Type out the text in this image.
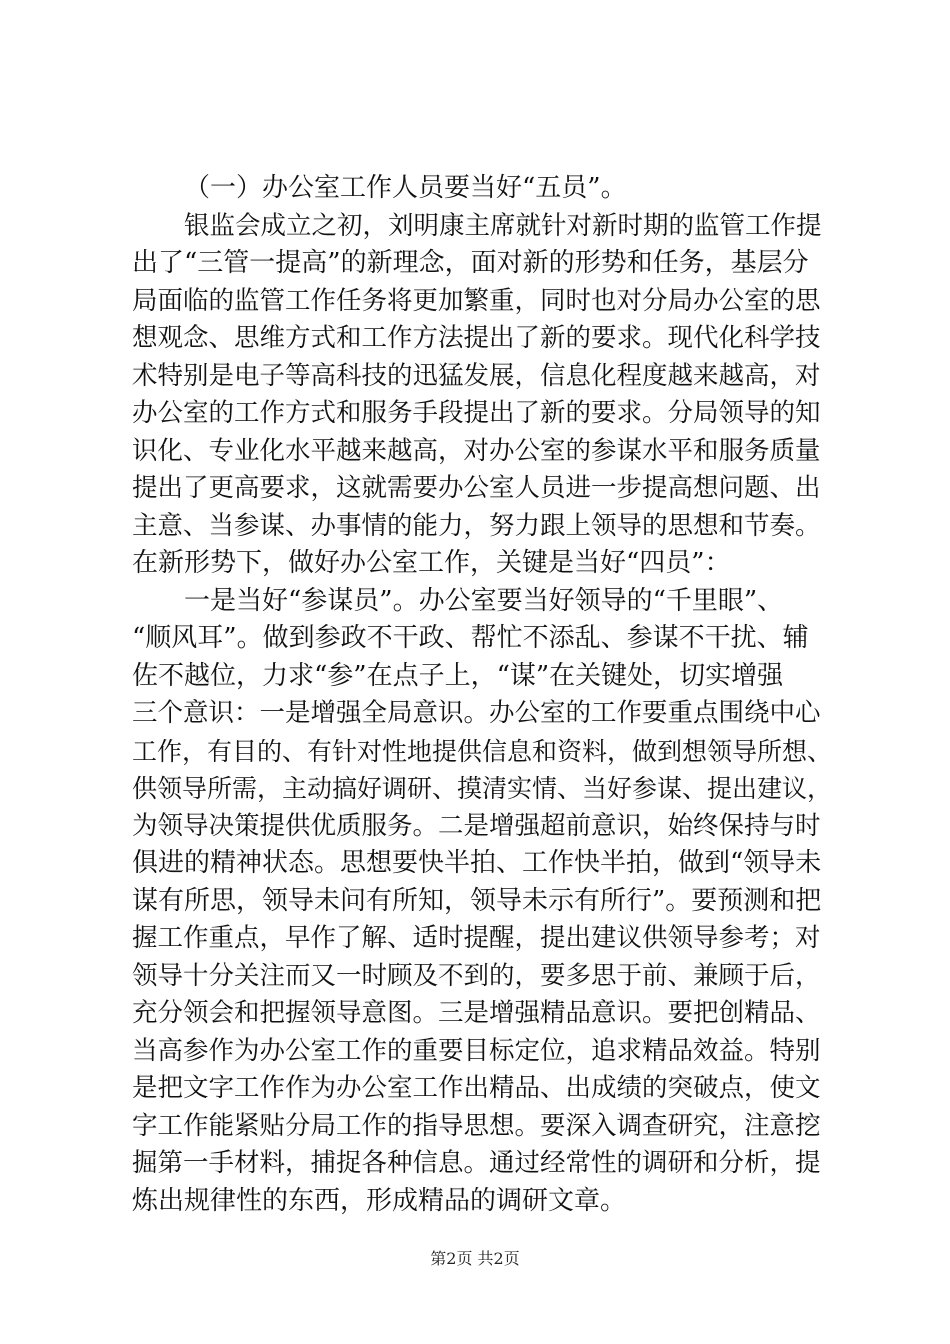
（一）办公室工作人员要当好“五员”。
银监会成立之初，刘明康主席就针对新时期的监管工作提
出了“三管一提高”的新理念，面对新的形势和任务，基层分
局面临的监管工作任务将更加繁重，同时也对分局办公室的思
想观念、思维方式和工作方法提出了新的要求。现代化科学技
术特别是电子等高科技的迅猛发展，信息化程度越来越高，对
办公室的工作方式和服务手段提出了新的要求。分局领导的知
识化、专业化水平越来越高，对办公室的参谋水平和服务质量
提出了更高要求，这就需要办公室人员进一步提高想问题、出
主意、当参谋、办事情的能力，努力跟上领导的思想和节奏。
在新形势下，做好办公室工作，关键是当好“四员”：
一是当好“参谋员”。办公室要当好领导的“千里眼”、
“顺风耳”。做到参政不干政、帮忙不添乱、参谋不干扰、辅
佐不越位，力求“参”在点子上，“谋”在关键处，切实增强
三个意识：一是增强全局意识。办公室的工作要重点围绕中心
工作，有目的、有针对性地提供信息和资料，做到想领导所想、
供领导所需，主动搞好调研、摸清实情、当好参谋、提出建议，
为领导决策提供优质服务。二是增强超前意识，始终保持与时
俱进的精神状态。思想要快半拍、工作快半拍，做到“领导未
谋有所思，领导未问有所知，领导未示有所行”。要预测和把
握工作重点，早作了解、适时提醒，提出建议供领导参考；对
领导十分关注而又一时顾及不到的，要多思于前、兼顾于后，
充分领会和把握领导意图。三是增强精品意识。要把创精品、
当高参作为办公室工作的重要目标定位，追求精品效益。特别
是把文字工作作为办公室工作出精品、出成绩的突破点，使文
字工作能紧贴分局工作的指导思想。要深入调查研究，注意挖
掘第一手材料，捕捉各种信息。通过经常性的调研和分析，提
炼出规律性的东西，形成精品的调研文章。
第2页 共2页
